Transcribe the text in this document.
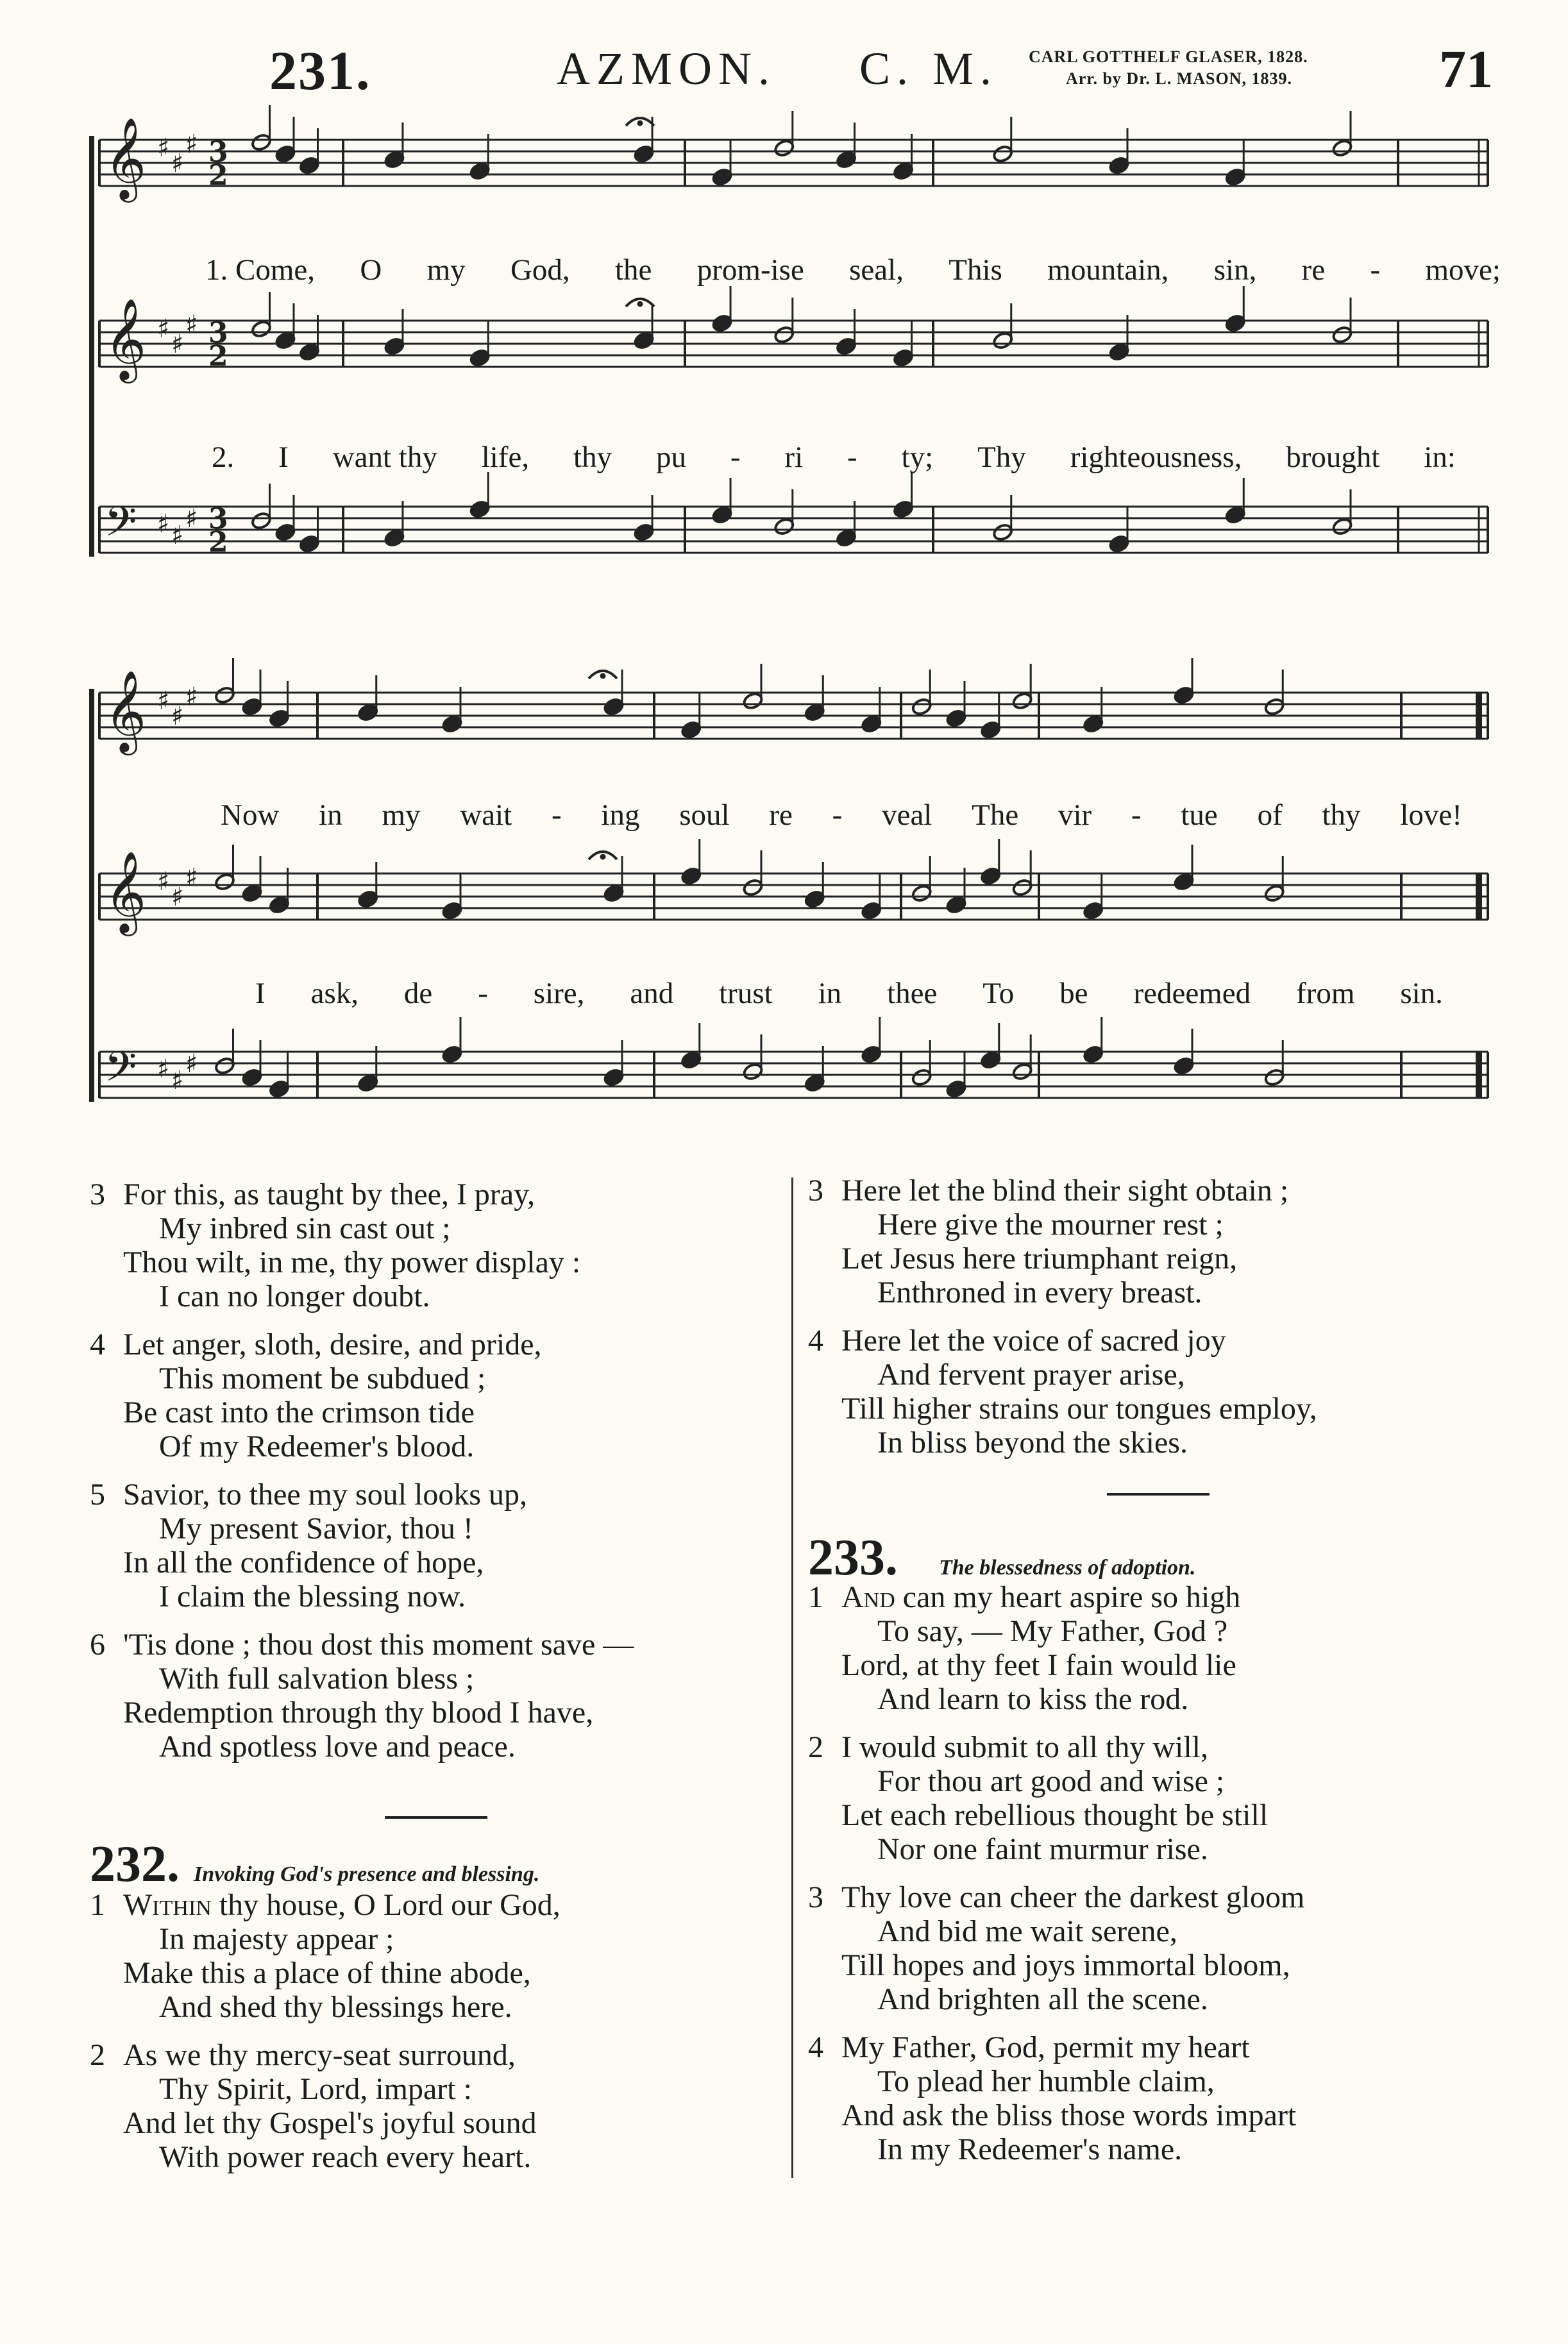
231.	AZMON. C. M. CARL GOTTHELF GLASER, 1828.
Arr. by Dr. L. MASON, 1839.	71
𝄞 ♯
♯
♯ 3
2
𝄞 ♯
♯
♯ 3
2
𝄢 ♯ ♯
♯ 3
2
𝄞 ♯
♯
♯
𝄞 ♯
♯
♯
𝄢 ♯ ♯
♯
1. Come, O my God, the prom-ise seal, This mountain, sin, re - move;
2. I want thy life, thy pu - ri - ty; Thy righteousness, brought in:
Now in my wait - ing soul re - veal The vir - tue of thy love!
I ask, de - sire, and trust in thee To be redeemed from sin.
3 For this, as taught by thee, I pray,
My inbred sin cast out ;
Thou wilt, in me, thy power display :
I can no longer doubt.
4 Let anger, sloth, desire, and pride,
This moment be subdued ;
Be cast into the crimson tide
Of my Redeemer's blood.
5 Savior, to thee my soul looks up,
My present Savior, thou !
In all the confidence of hope,
I claim the blessing now.
6 'Tis done ; thou dost this moment save —
With full salvation bless ;
Redemption through thy blood I have,
And spotless love and peace.
232. Invoking God's presence and blessing.
1 Within thy house, O Lord our God,
In majesty appear ;
Make this a place of thine abode,
And shed thy blessings here.
2 As we thy mercy-seat surround,
Thy Spirit, Lord, impart :
And let thy Gospel's joyful sound
With power reach every heart.
3 Here let the blind their sight obtain ;
Here give the mourner rest ;
Let Jesus here triumphant reign,
Enthroned in every breast.
4 Here let the voice of sacred joy
And fervent prayer arise,
Till higher strains our tongues employ,
In bliss beyond the skies.
233. The blessedness of adoption.
1 And can my heart aspire so high
To say, — My Father, God ?
Lord, at thy feet I fain would lie
And learn to kiss the rod.
2 I would submit to all thy will,
For thou art good and wise ;
Let each rebellious thought be still
Nor one faint murmur rise.
3 Thy love can cheer the darkest gloom
And bid me wait serene,
Till hopes and joys immortal bloom,
And brighten all the scene.
4 My Father, God, permit my heart
To plead her humble claim,
And ask the bliss those words impart
In my Redeemer's name.
